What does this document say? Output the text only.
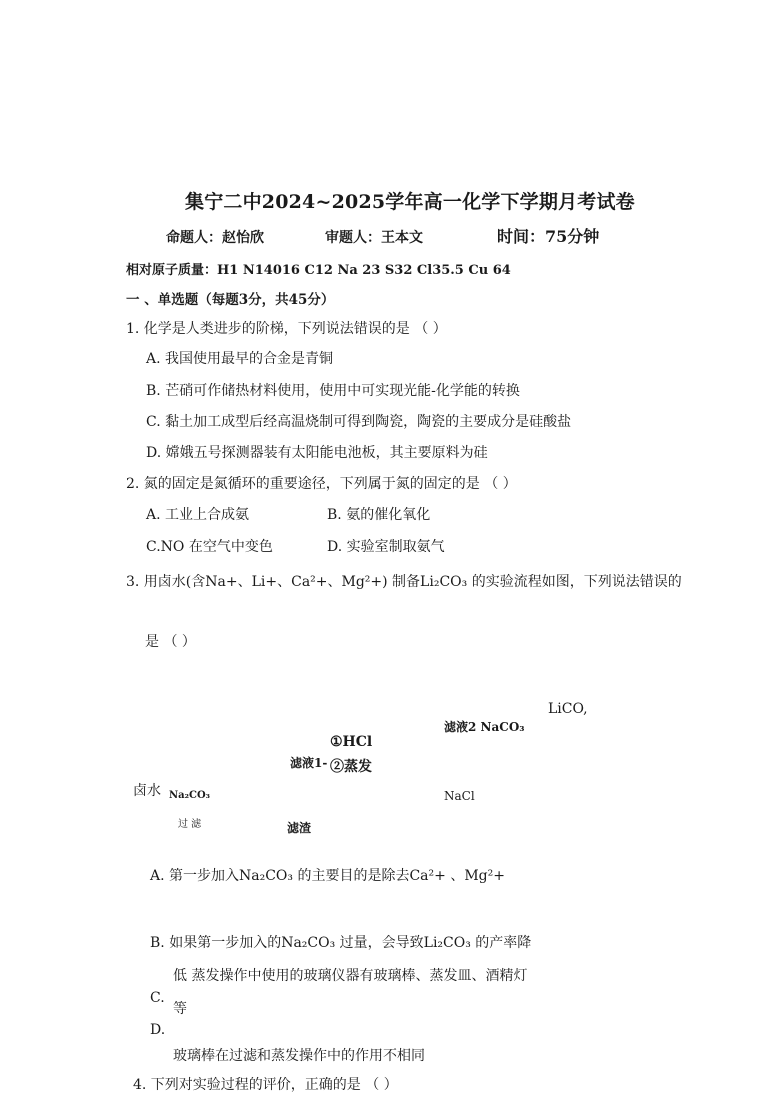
集宁二中2024~2025学年高一化学下学期月考试卷
命题人：赵怡欣	审题人：王本文	时间：75分钟
相对原子质量：H1 N14016 C12 Na 23 S32 Cl35.5 Cu 64
一 、单选题（每题3分，共45分）
1. 化学是人类进步的阶梯，下列说法错误的是 （ ）
A. 我国使用最早的合金是青铜
B. 芒硝可作储热材料使用，使用中可实现光能-化学能的转换
C. 黏土加工成型后经高温烧制可得到陶瓷，陶瓷的主要成分是硅酸盐
D. 嫦娥五号探测器装有太阳能电池板，其主要原料为硅
2. 氮的固定是氮循环的重要途径，下列属于氮的固定的是 （ ）
A. 工业上合成氨	B. 氨的催化氧化
C.NO 在空气中变色	D. 实验室制取氨气
3. 用卤水(含Na+、Li+、Ca²+、Mg²+) 制备Li₂CO₃ 的实验流程如图，下列说法错误的
是 （ ）
LiCO,
滤液2 NaCO₃
①HCl
滤液1- ②蒸发
卤水 Na₂CO₃	NaCl
过 滤	滤渣
A. 第一步加入Na₂CO₃ 的主要目的是除去Ca²+ 、Mg²+
B. 如果第一步加入的Na₂CO₃ 过量，会导致Li₂CO₃ 的产率降
低 蒸发操作中使用的玻璃仪器有玻璃棒、蒸发皿、酒精灯
C.
等
D.
玻璃棒在过滤和蒸发操作中的作用不相同
4. 下列对实验过程的评价，正确的是 （ ）
